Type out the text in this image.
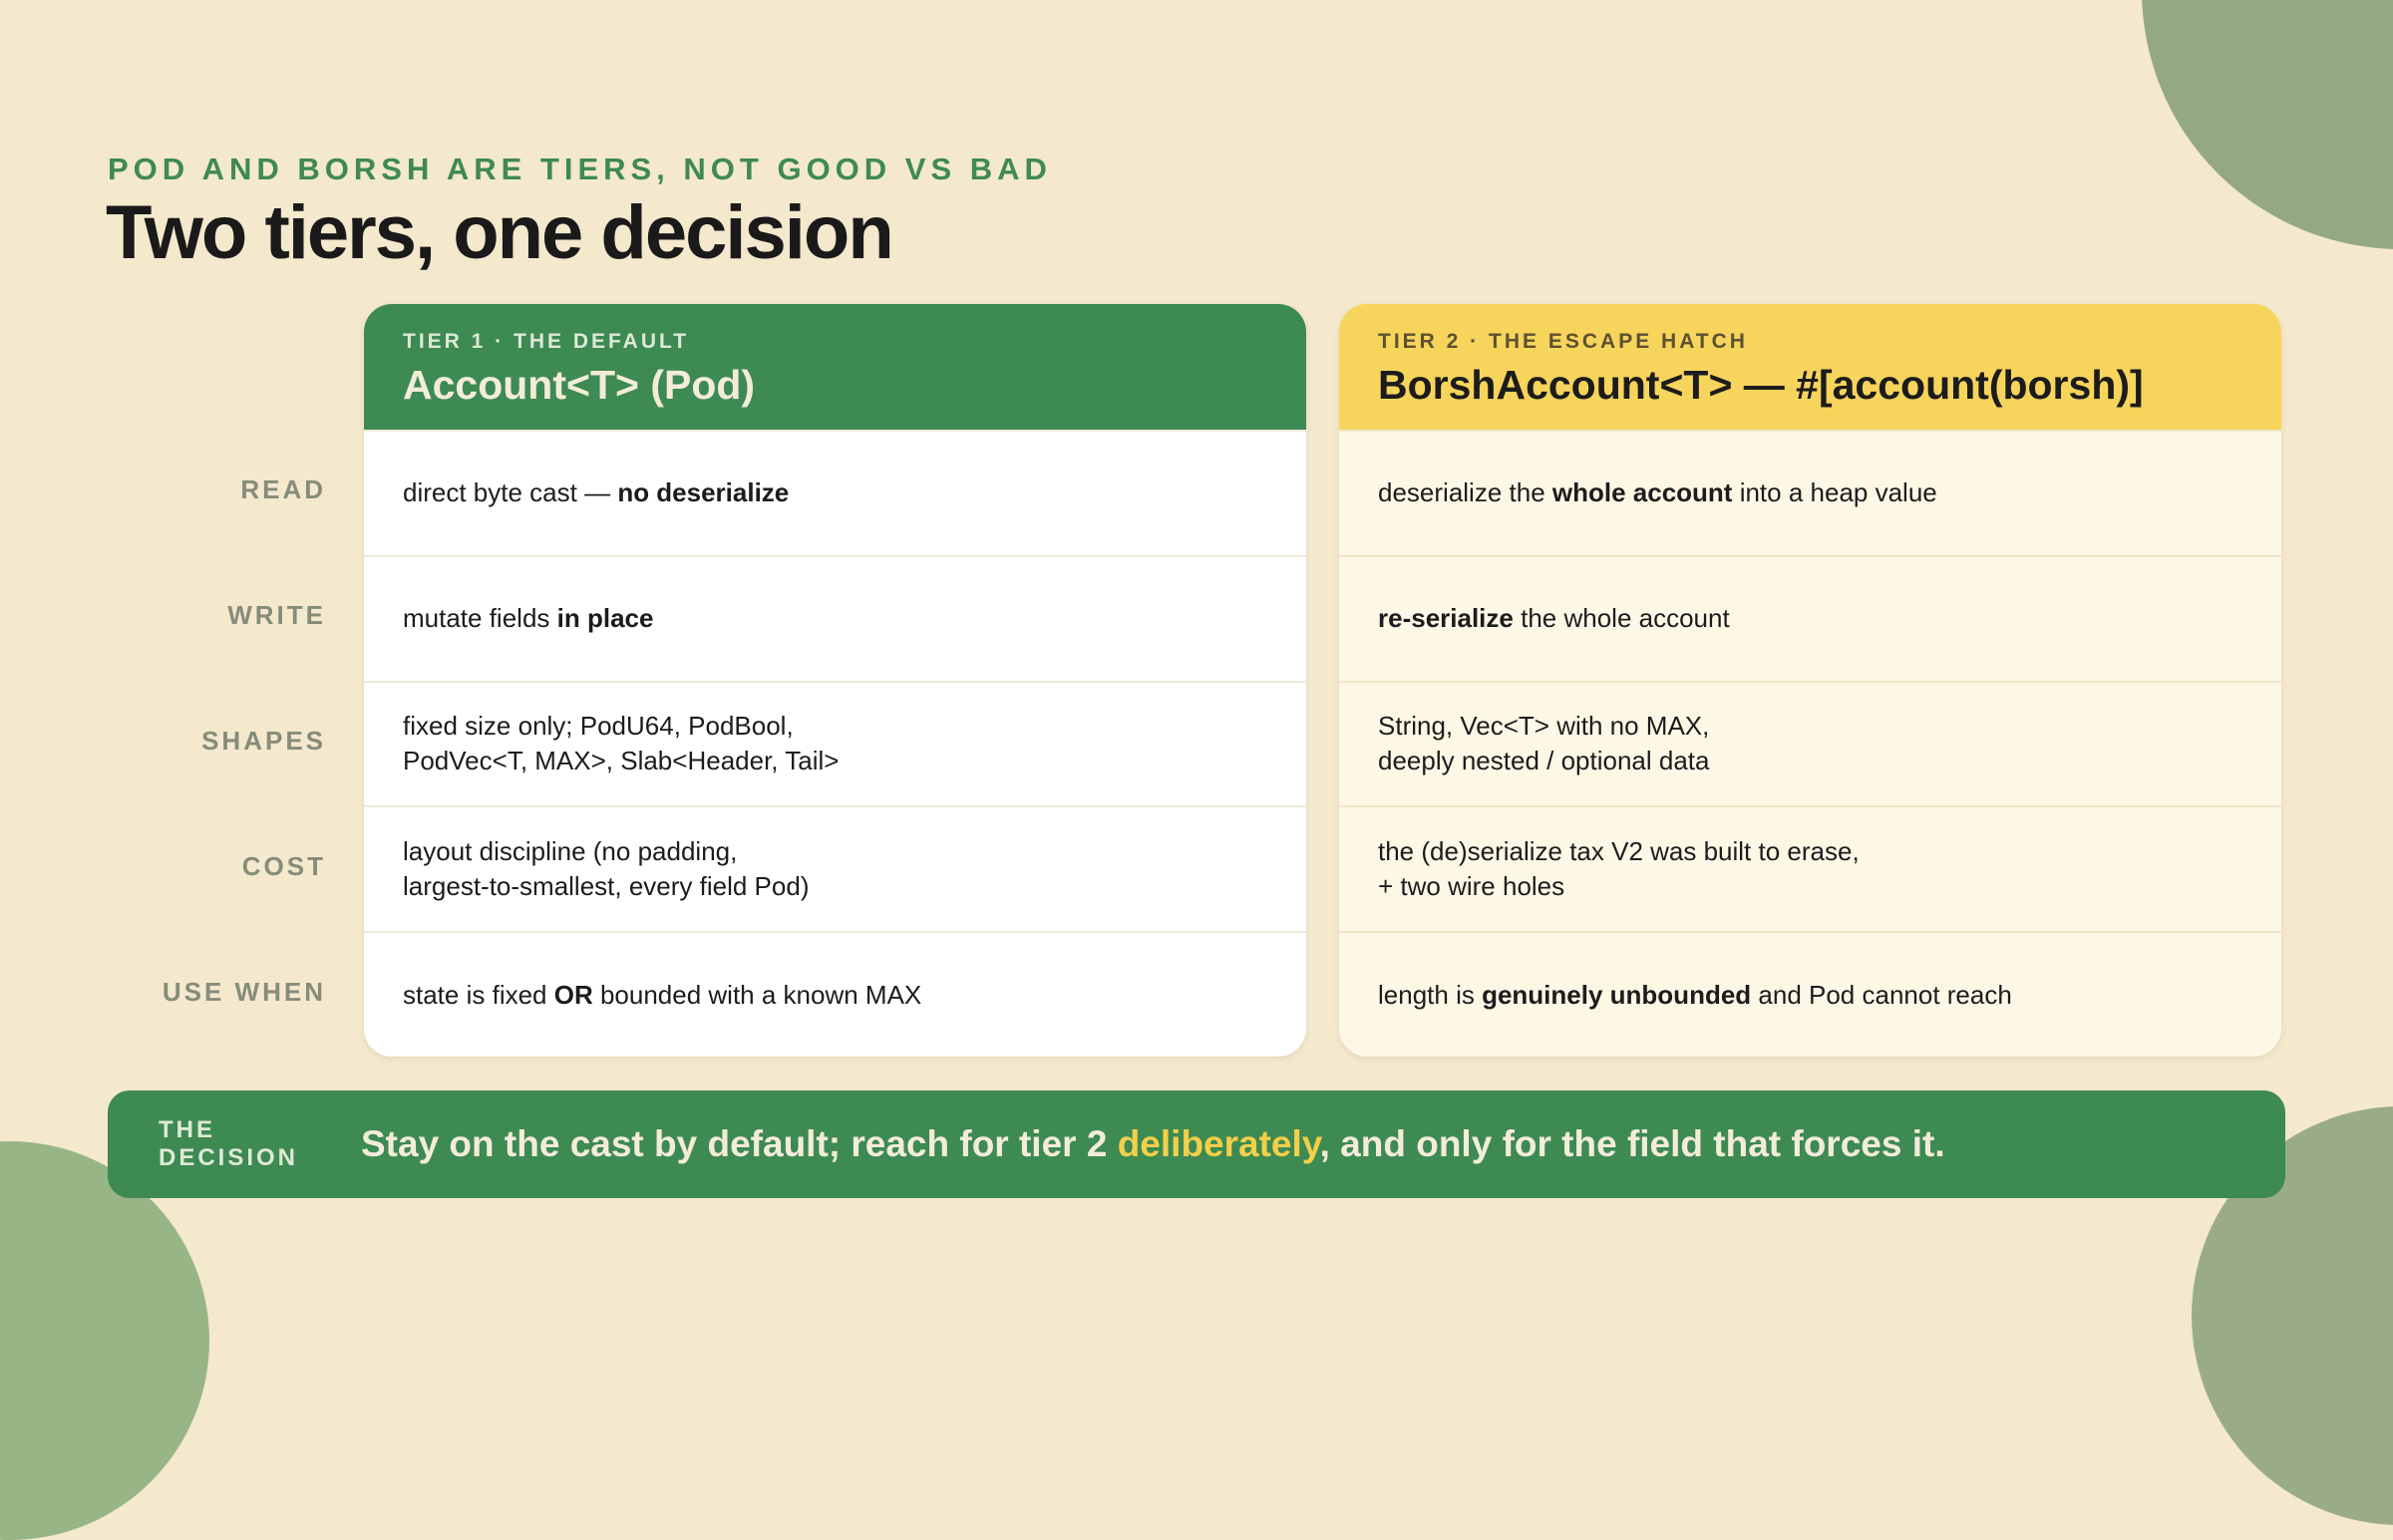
POD AND BORSH ARE TIERS, NOT GOOD VS BAD
Two tiers, one decision
READ
WRITE
SHAPES
COST
USE WHEN
TIER 1 · THE DEFAULT
Account<T> (Pod)
direct byte cast — no deserialize
mutate fields in place
fixed size only; PodU64, PodBool,
PodVec<T, MAX>, Slab<Header, Tail>
layout discipline (no padding,
largest-to-smallest, every field Pod)
state is fixed OR bounded with a known MAX
TIER 2 · THE ESCAPE HATCH
BorshAccount<T> — #[account(borsh)]
deserialize the whole account into a heap value
re-serialize the whole account
String, Vec<T> with no MAX,
deeply nested / optional data
the (de)serialize tax V2 was built to erase,
+ two wire holes
length is genuinely unbounded and Pod cannot reach
THE DECISION	Stay on the cast by default; reach for tier 2 deliberately, and only for the field that forces it.
